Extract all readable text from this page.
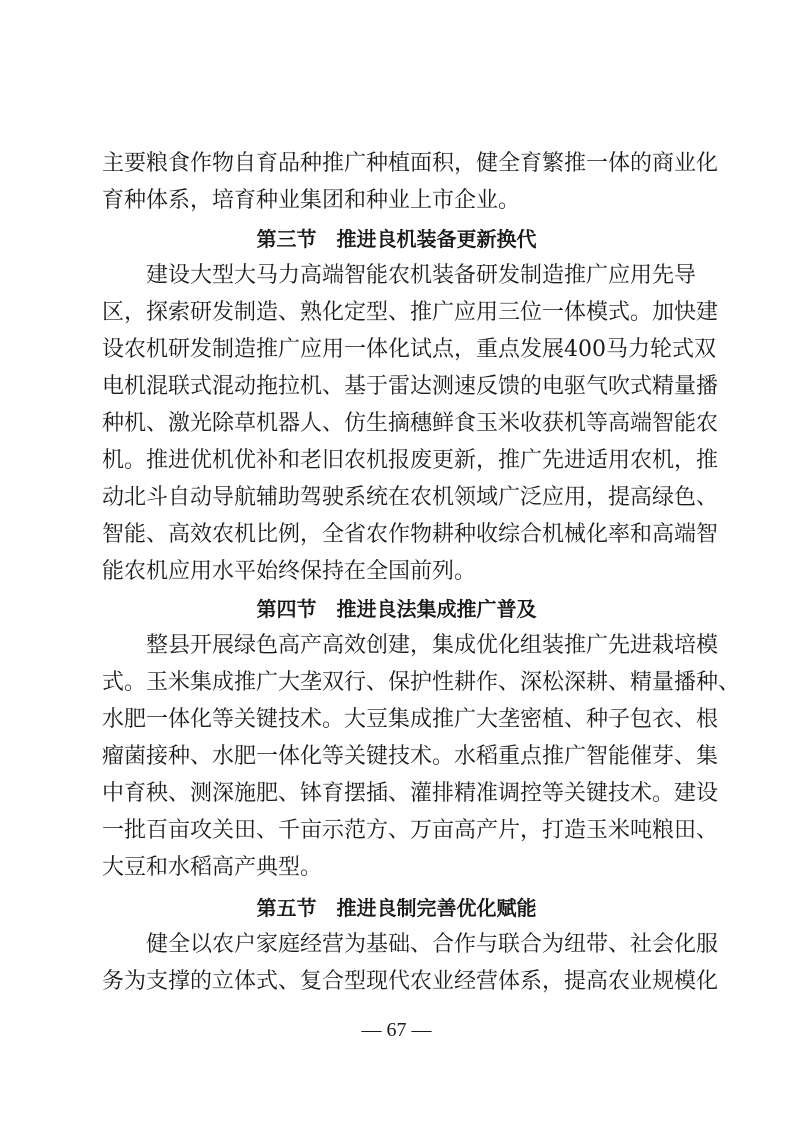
主要粮食作物自育品种推广种植面积，健全育繁推一体的商业化
育种体系，培育种业集团和种业上市企业。
第三节 推进良机装备更新换代
建设大型大马力高端智能农机装备研发制造推广应用先导
区，探索研发制造、熟化定型、推广应用三位一体模式。加快建
设农机研发制造推广应用一体化试点，重点发展400马力轮式双
电机混联式混动拖拉机、基于雷达测速反馈的电驱气吹式精量播
种机、激光除草机器人、仿生摘穗鲜食玉米收获机等高端智能农
机。推进优机优补和老旧农机报废更新，推广先进适用农机，推
动北斗自动导航辅助驾驶系统在农机领域广泛应用，提高绿色、
智能、高效农机比例，全省农作物耕种收综合机械化率和高端智
能农机应用水平始终保持在全国前列。
第四节 推进良法集成推广普及
整县开展绿色高产高效创建，集成优化组装推广先进栽培模
式。玉米集成推广大垄双行、保护性耕作、深松深耕、精量播种、
水肥一体化等关键技术。大豆集成推广大垄密植、种子包衣、根
瘤菌接种、水肥一体化等关键技术。水稻重点推广智能催芽、集
中育秧、测深施肥、钵育摆插、灌排精准调控等关键技术。建设
一批百亩攻关田、千亩示范方、万亩高产片，打造玉米吨粮田、
大豆和水稻高产典型。
第五节 推进良制完善优化赋能
健全以农户家庭经营为基础、合作与联合为纽带、社会化服
务为支撑的立体式、复合型现代农业经营体系，提高农业规模化
— 67 —
